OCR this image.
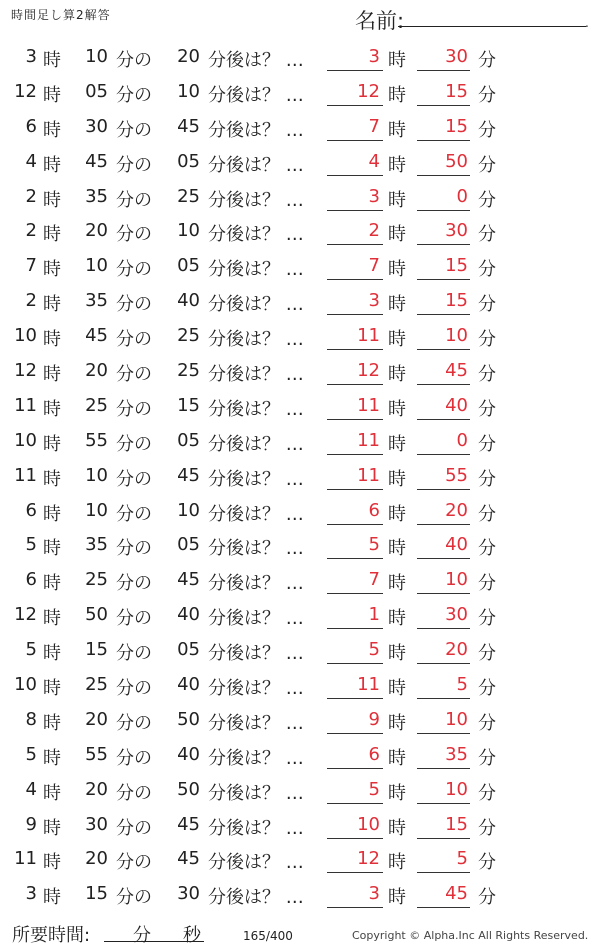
時間足し算2解答	名前:	.
3 時 10 分の	20 分後は？ …	3 時	30 分
12 時 05 分の	10 分後は？ …	12 時	15 分
6 時 30 分の	45 分後は？ …	7 時	15 分
4 時 45 分の	05 分後は？ …	4 時	50 分
2 時 35 分の	25 分後は？ …	3 時	0 分
2 時 20 分の	10 分後は？ …	2 時	30 分
7 時 10 分の	05 分後は？ …	7 時	15 分
2 時 35 分の	40 分後は？ …	3 時	15 分
10 時 45 分の	25 分後は？ …	11 時	10 分
12 時 20 分の	25 分後は？ …	12 時	45 分
11 時 25 分の	15 分後は？ …	11 時	40 分
10 時 55 分の	05 分後は？ …	11 時	0 分
11 時 10 分の	45 分後は？ …	11 時	55 分
6 時 10 分の	10 分後は？ …	6 時	20 分
5 時 35 分の	05 分後は？ …	5 時	40 分
6 時 25 分の	45 分後は？ …	7 時	10 分
12 時 50 分の	40 分後は？ …	1 時	30 分
5 時 15 分の	05 分後は？ …	5 時	20 分
10 時 25 分の	40 分後は？ …	11 時	5 分
8 時 20 分の	50 分後は？ …	9 時	10 分
5 時 55 分の	40 分後は？ …	6 時	35 分
4 時 20 分の	50 分後は？ …	5 時	10 分
9 時 30 分の	45 分後は？ …	10 時	15 分
11 時 20 分の	45 分後は？ …	12 時	5 分
3 時 15 分の	30 分後は？ …	3 時	45 分
所要時間: 分 秒	165/400	Copyright © Alpha.Inc All Rights Reserved.
